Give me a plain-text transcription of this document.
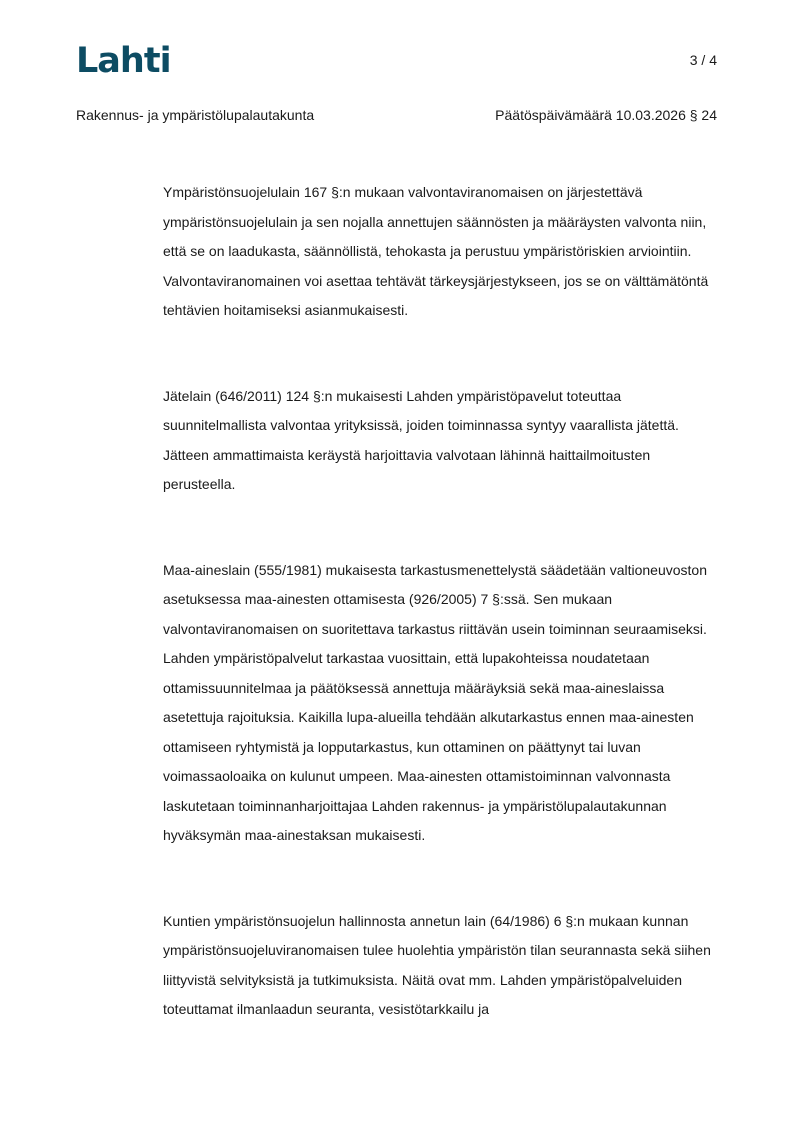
Lahti	3 / 4
Rakennus- ja ympäristölupalautakunta	Päätöspäivämäärä 10.03.2026 § 24

Ympäristönsuojelulain 167 §:n mukaan valvontaviranomaisen on järjestettävä ympäristönsuojelulain ja sen nojalla annettujen säännösten ja määräysten valvonta niin, että se on laadukasta, säännöllistä, tehokasta ja perustuu ympäristöriskien arviointiin. Valvontaviranomainen voi asettaa tehtävät tärkeysjärjestykseen, jos se on välttämätöntä tehtävien hoitamiseksi asianmukaisesti.

Jätelain (646/2011) 124 §:n mukaisesti Lahden ympäristöpavelut toteuttaa suunnitelmallista valvontaa yrityksissä, joiden toiminnassa syntyy vaarallista jätettä. Jätteen ammattimaista keräystä harjoittavia valvotaan lähinnä haittailmoitusten perusteella.

Maa-aineslain (555/1981) mukaisesta tarkastusmenettelystä säädetään valtioneuvoston asetuksessa maa-ainesten ottamisesta (926/2005) 7 §:ssä. Sen mukaan valvontaviranomaisen on suoritettava tarkastus riittävän usein toiminnan seuraamiseksi. Lahden ympäristöpalvelut tarkastaa vuosittain, että lupakohteissa noudatetaan ottamissuunnitelmaa ja päätöksessä annettuja määräyksiä sekä maa-aineslaissa asetettuja rajoituksia. Kaikilla lupa-alueilla tehdään alkutarkastus ennen maa-ainesten ottamiseen ryhtymistä ja lopputarkastus, kun ottaminen on päättynyt tai luvan voimassaoloaika on kulunut umpeen. Maa-ainesten ottamistoiminnan valvonnasta laskutetaan toiminnanharjoittajaa Lahden rakennus- ja ympäristölupalautakunnan hyväksymän maa-ainestaksan mukaisesti.

Kuntien ympäristönsuojelun hallinnosta annetun lain (64/1986) 6 §:n mukaan kunnan ympäristönsuojeluviranomaisen tulee huolehtia ympäristön tilan seurannasta sekä siihen liittyvistä selvityksistä ja tutkimuksista. Näitä ovat mm. Lahden ympäristöpalveluiden toteuttamat ilmanlaadun seuranta, vesistötarkkailu ja
